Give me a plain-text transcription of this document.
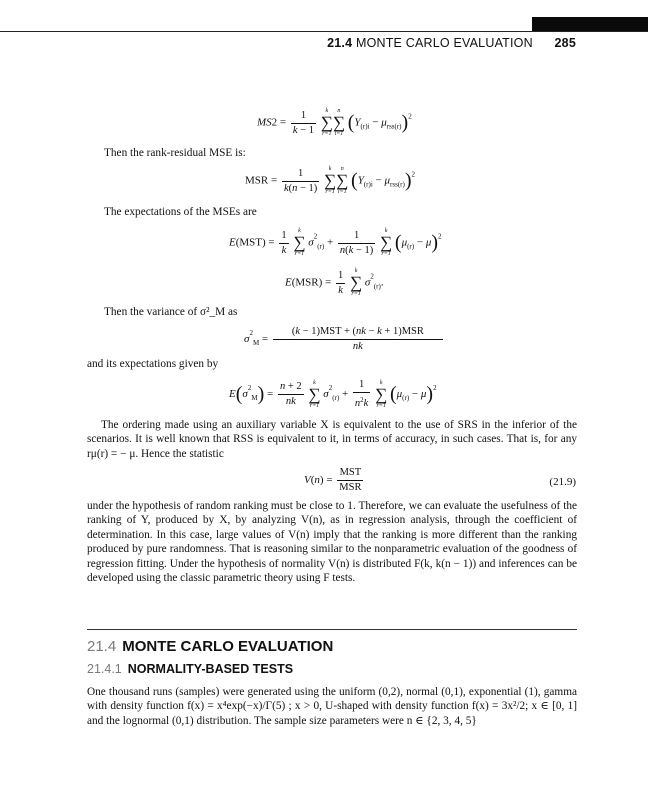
21.4 MONTE CARLO EVALUATION 285
$MS2 = \frac{1}{k - 1}$
	k
∑
r=1
n
∑
i=1
$(Y_{(r)i} - \mu_{rss(r)})^2$
Then the rank-residual MSE is:
MSR = $\frac{1}{k(n - 1)}$
	k
∑
r=1
n
∑
i=1
$(Y_{(r)i} - \mu_{rss(r)})^2$
The expectations of the MSEs are
$E(MST) = \frac{1}{k}$
	k
∑
r=1
$\sigma^2_{(r)} + \frac{1}{n(k - 1)}$
	k
∑
r=1
$(\mu_{(r)} - \mu)^2$
$E(MSR) = \frac{1}{k}$
	k
∑
r=1
$\sigma^2_{(r)}$.
Then the variance of σ²_M as
$\sigma^2_M$ =
(k − 1)MST + (nk − k + 1)MSR
nk
and its expectations given by
$E(\sigma^2_M) = \frac{n + 2}{nk}$
	k
∑
r=1
$\sigma^2_{(r)} + \frac{1}{n^2k}$
	k
∑
r=1
$(\mu_{(r)} - \mu)^2$
The ordering made using an auxiliary variable X is equivalent to the use of SRS in the inferior of the scenarios. It is well known that RSS is equivalent to it, in terms of accuracy, in such cases. That is, for any rμ(r) = − μ. Hence the statistic
V(n) =
MST
MSR	(21.9)
under the hypothesis of random ranking must be close to 1. Therefore, we can evaluate the usefulness of the ranking of Y, produced by X, by analyzing V(n), as in regression analysis, through the coefficient of determination. In this case, large values of V(n) imply that the ranking is more different than the ranking produced by pure randomness. That is reasoning similar to the nonparametric evaluation of the goodness of regression fitting. Under the hypothesis of normality V(n) is distributed F(k, k(n − 1)) and inferences can be developed using the classic parametric theory using F tests.
21.4 MONTE CARLO EVALUATION
21.4.1 NORMALITY-BASED TESTS
One thousand runs (samples) were generated using the uniform (0,2), normal (0,1), exponential (1), gamma with density function f(x) = x⁴exp(−x)/Γ(5) ; x > 0, U-shaped with density function f(x) = 3x²/2; x ∈ [0, 1] and the lognormal (0,1) distribution. The sample size parameters were n ∈ {2, 3, 4, 5}
